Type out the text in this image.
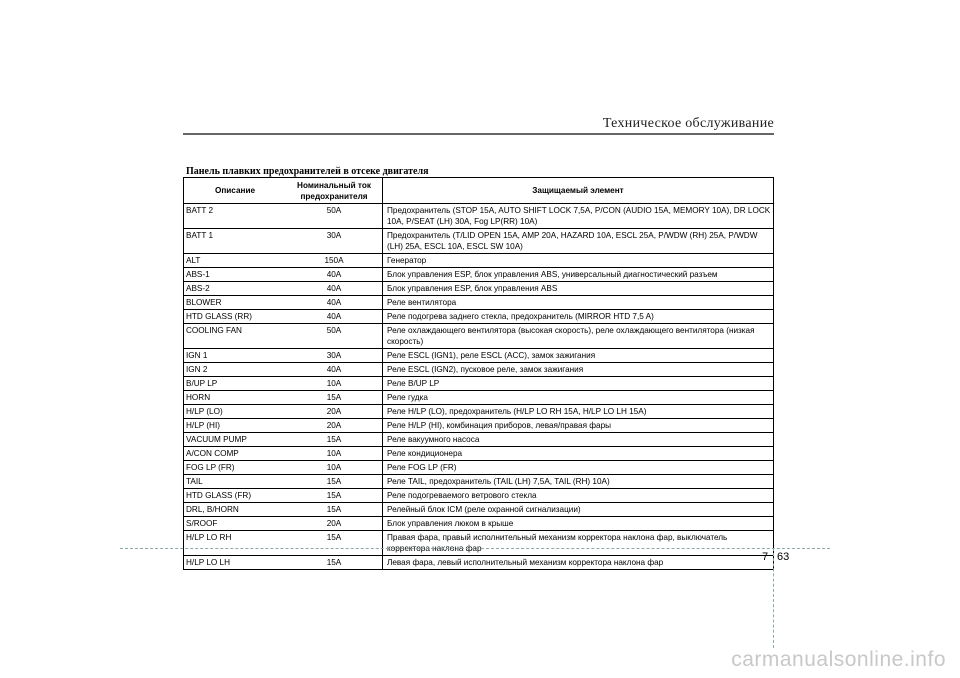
Техническое обслуживание
Панель плавких предохранителей в отсеке двигателя
Описание	Номинальный ток предохранителя	Защищаемый элемент
BATT 2	50A	Предохранитель (STOP 15A, AUTO SHIFT LOCK 7,5A, P/CON (AUDIO 15A, MEMORY 10A), DR LOCK 10A, P/SEAT (LH) 30A, Fog LP(RR) 10A)
BATT 1	30A	Предохранитель (T/LID OPEN 15A, AMP 20A, HAZARD 10A, ESCL 25A, P/WDW (RH) 25A, P/WDW (LH) 25A, ESCL 10A, ESCL SW 10A)
ALT	150A	Генератор
ABS-1	40A	Блок управления ESP, блок управления ABS, универсальный диагностический разъем
ABS-2	40A	Блок управления ESP, блок управления ABS
BLOWER	40A	Реле вентилятора
HTD GLASS (RR)	40A	Реле подогрева заднего стекла, предохранитель (MIRROR HTD 7,5 A)
COOLING FAN	50A	Реле охлаждающего вентилятора (высокая скорость), реле охлаждающего вентилятора (низкая скорость)
IGN 1	30A	Реле ESCL (IGN1), реле ESCL (ACC), замок зажигания
IGN 2	40A	Реле ESCL (IGN2), пусковое реле, замок зажигания
B/UP LP	10A	Реле B/UP LP
HORN	15A	Реле гудка
H/LP (LO)	20A	Реле H/LP (LO), предохранитель (H/LP LO RH 15A, H/LP LO LH 15A)
H/LP (HI)	20A	Реле H/LP (HI), комбинация приборов, левая/правая фары
VACUUM PUMP	15A	Реле вакуумного насоса
A/CON COMP	10A	Реле кондиционера
FOG LP (FR)	10A	Реле FOG LP (FR)
TAIL	15A	Реле TAIL, предохранитель (TAIL (LH) 7,5A, TAIL (RH) 10A)
HTD GLASS (FR)	15A	Реле подогреваемого ветрового стекла
DRL, B/HORN	15A	Релейный блок ICM (реле охранной сигнализации)
S/ROOF	20A	Блок управления люком в крыше
H/LP LO RH	15A	Правая фара, правый исполнительный механизм корректора наклона фар, выключатель корректора наклона фар
H/LP LO LH	15A	Левая фара, левый исполнительный механизм корректора наклона фар	7 63
carmanualsonline.info
